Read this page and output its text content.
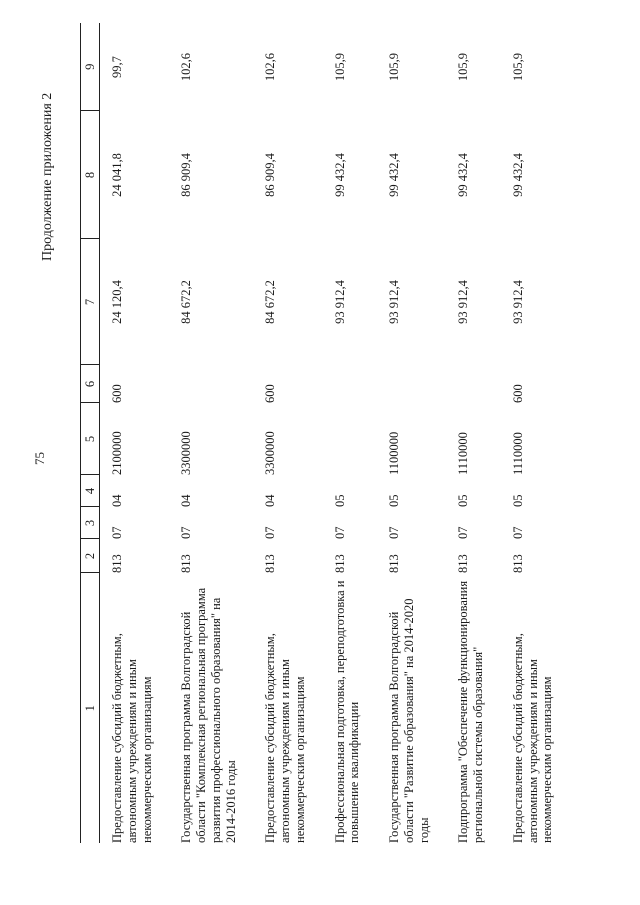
75
Продолжение приложения 2
1	2	3	4	5	6	7	8	9
Предоставление субсидий бюджетным, автономным учреждениям и иным некоммерческим организациям	813	07	04	2100000	600	24 120,4	24 041,8	99,7
Государственная программа Волгоградской области "Комплексная региональная программа развития профессионального образования" на 2014-2016 годы	813	07	04	3300000		84 672,2	86 909,4	102,6
Предоставление субсидий бюджетным, автономным учреждениям и иным некоммерческим организациям	813	07	04	3300000	600	84 672,2	86 909,4	102,6
Профессиональная подготовка, переподготовка и повышение квалификации	813	07	05			93 912,4	99 432,4	105,9
Государственная программа Волгоградской области "Развитие образования" на 2014-2020 годы	813	07	05	1100000		93 912,4	99 432,4	105,9
Подпрограмма "Обеспечение функционирования региональной системы образования"	813	07	05	1110000		93 912,4	99 432,4	105,9
Предоставление субсидий бюджетным, автономным учреждениям и иным некоммерческим организациям	813	07	05	1110000	600	93 912,4	99 432,4	105,9
